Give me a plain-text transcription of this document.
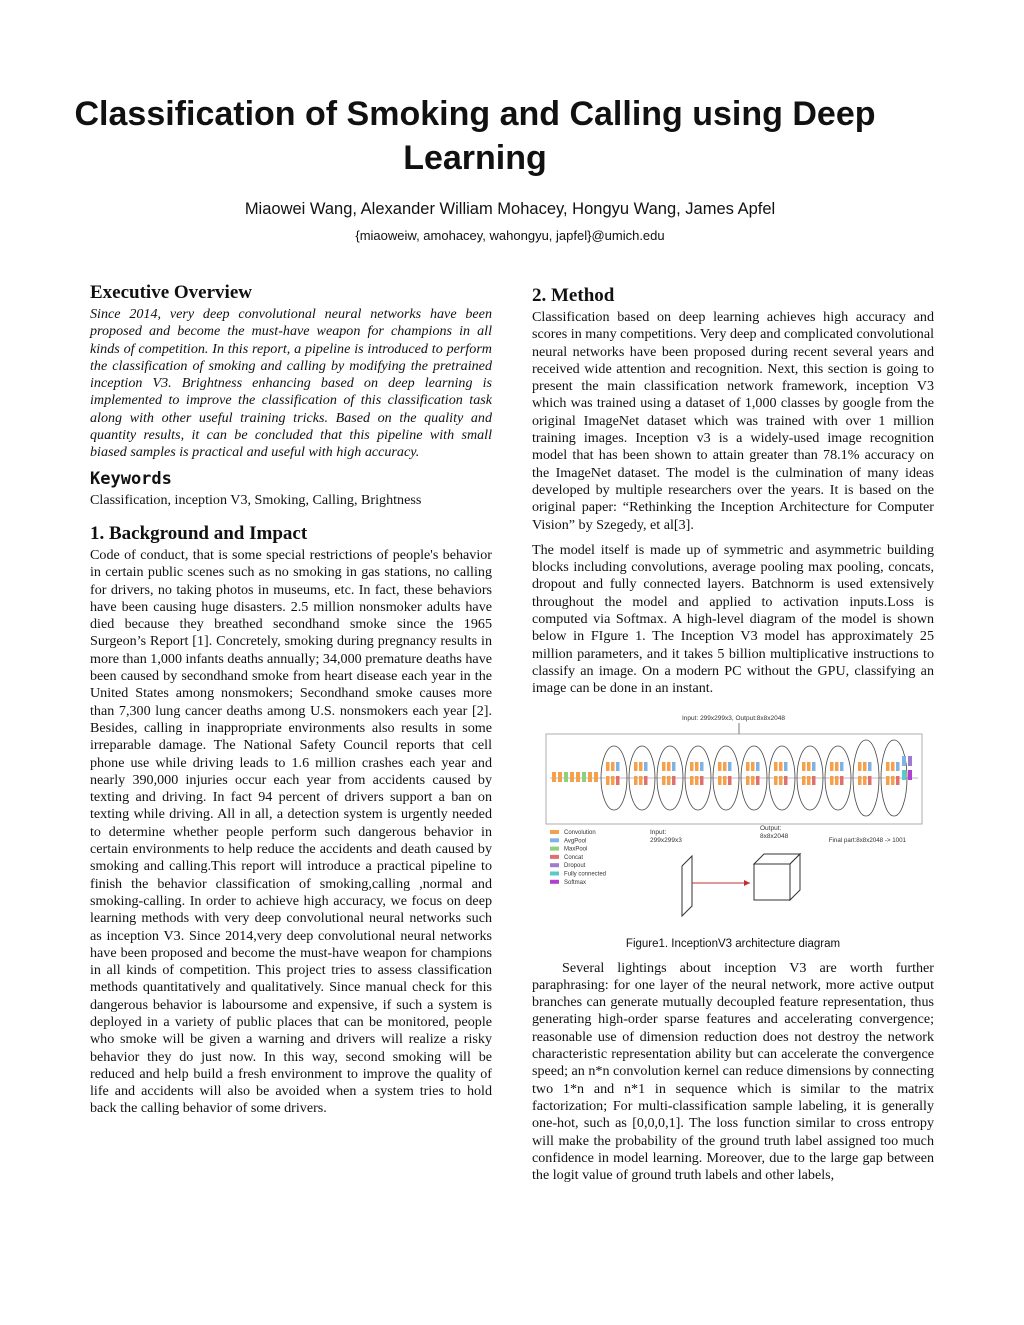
Classification of Smoking and Calling using Deep Learning
Miaowei Wang, Alexander William Mohacey, Hongyu Wang, James Apfel
{miaoweiw, amohacey, wahongyu, japfel}@umich.edu
Executive Overview

Since 2014, very deep convolutional neural networks have been proposed and become the must-have weapon for champions in all kinds of competition. In this report, a pipeline is introduced to perform the classification of smoking and calling by modifying the pretrained inception V3. Brightness enhancing based on deep learning is implemented to improve the classification of this classification task along with other useful training tricks. Based on the quality and quantity results, it can be concluded that this pipeline with small biased samples is practical and useful with high accuracy.

Keywords

Classification, inception V3, Smoking, Calling, Brightness

1. Background and Impact

Code of conduct, that is some special restrictions of people's behavior in certain public scenes such as no smoking in gas stations, no calling for drivers, no taking photos in museums, etc. In fact, these behaviors have been causing huge disasters. 2.5 million nonsmoker adults have died because they breathed secondhand smoke since the 1965 Surgeon’s Report [1]. Concretely, smoking during pregnancy results in more than 1,000 infants deaths annually; 34,000 premature deaths have been caused by secondhand smoke from heart disease each year in the United States among nonsmokers; Secondhand smoke causes more than 7,300 lung cancer deaths among U.S. nonsmokers each year [2]. Besides, calling in inappropriate environments also results in some irreparable damage. The National Safety Council reports that cell phone use while driving leads to 1.6 million crashes each year and nearly 390,000 injuries occur each year from accidents caused by texting and driving. In fact 94 percent of drivers support a ban on texting while driving. All in all, a detection system is urgently needed to determine whether people perform such dangerous behavior in certain environments to help reduce the accidents and death caused by smoking and calling.This report will introduce a practical pipeline to finish the behavior classification of smoking,calling ,normal and smoking-calling. In order to achieve high accuracy, we focus on deep learning methods with very deep convolutional neural networks such as inception V3. Since 2014,very deep convolutional neural networks have been proposed and become the must-have weapon for champions in all kinds of competition. This project tries to assess classification methods quantitatively and qualitatively. Since manual check for this dangerous behavior is laboursome and expensive, if such a system is deployed in a variety of public places that can be monitored, people who smoke will be given a warning and drivers will realize a risky behavior they do just now. In this way, second smoking will be reduced and help build a fresh environment to improve the quality of life and accidents will also be avoided when a system tries to hold back the calling behavior of some drivers.

2. Method

Classification based on deep learning achieves high accuracy and scores in many competitions. Very deep and complicated convolutional neural networks have been proposed during recent several years and received wide attention and recognition. Next, this section is going to present the main classification network framework, inception V3 which was trained using a dataset of 1,000 classes by google from the original ImageNet dataset which was trained with over 1 million training images. Inception v3 is a widely-used image recognition model that has been shown to attain greater than 78.1% accuracy on the ImageNet dataset. The model is the culmination of many ideas developed by multiple researchers over the years. It is based on the original paper: “Rethinking the Inception Architecture for Computer Vision” by Szegedy, et al[3].

The model itself is made up of symmetric and asymmetric building blocks including convolutions, average pooling max pooling, concats, dropout and fully connected layers. Batchnorm is used extensively throughout the model and applied to activation inputs.Loss is computed via Softmax. A high-level diagram of the model is shown below in FIgure 1. The Inception V3 model has approximately 25 million parameters, and it takes 5 billion multiplicative instructions to classify an image. On a modern PC without the GPU, classifying an image can be done in an instant.

Input: 299x299x3, Output:8x8x2048
Convolution
AvgPool
MaxPool
Concat
Dropout
Fully connected
Softmax
Input:
299x299x3
Output:
8x8x2048
Final part:8x8x2048 -> 1001
Figure1. InceptionV3 architecture diagram

Several lightings about inception V3 are worth further paraphrasing: for one layer of the neural network, more active output branches can generate mutually decoupled feature representation, thus generating high-order sparse features and accelerating convergence; reasonable use of dimension reduction does not destroy the network characteristic representation ability but can accelerate the convergence speed; an n*n convolution kernel can reduce dimensions by connecting two 1*n and n*1 in sequence which is similar to the matrix factorization; For multi-classification sample labeling, it is generally one-hot, such as [0,0,0,1]. The loss function similar to cross entropy will make the probability of the ground truth label assigned too much confidence in model learning. Moreover, due to the large gap between the logit value of ground truth labels and other labels,
